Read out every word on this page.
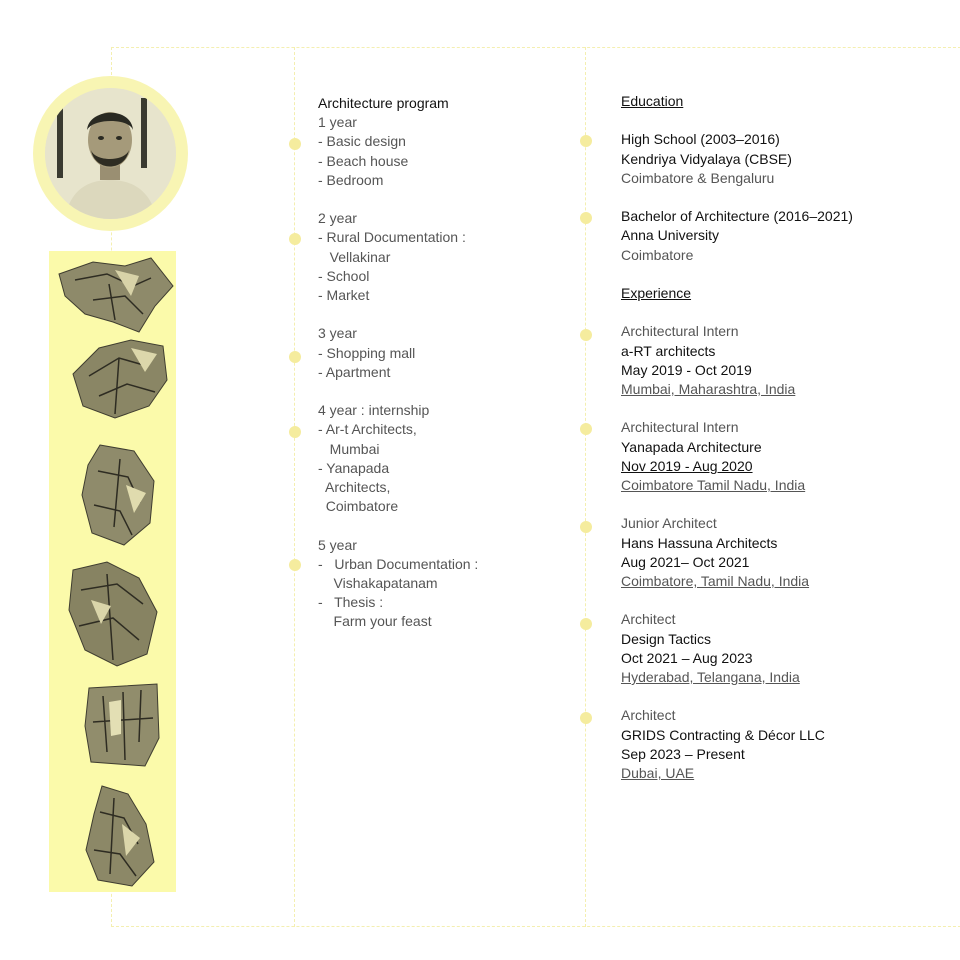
Architecture program
1 year
- Basic design
- Beach house
- Bedroom
2 year
- Rural Documentation :
Vellakinar
- School
- Market
3 year
- Shopping mall
- Apartment
4 year : internship
- Ar-t Architects,
Mumbai
- Yanapada
Architects,
Coimbatore
5 year
-   Urban Documentation :
Vishakapatanam
-   Thesis :
Farm your feast
Education
High School (2003–2016)
Kendriya Vidyalaya (CBSE)
Coimbatore & Bengaluru
Bachelor of Architecture (2016–2021)
Anna University
Coimbatore
Experience
Architectural Intern
a-RT architects
May 2019 - Oct 2019
Mumbai, Maharashtra, India
Architectural Intern
Yanapada Architecture
Nov 2019 - Aug 2020
Coimbatore Tamil Nadu, India
Junior Architect
Hans Hassuna Architects
Aug 2021– Oct 2021
Coimbatore, Tamil Nadu, India
Architect
Design Tactics
Oct 2021 – Aug 2023
Hyderabad, Telangana, India
Architect
GRIDS Contracting & Décor LLC
Sep 2023 – Present
Dubai, UAE
